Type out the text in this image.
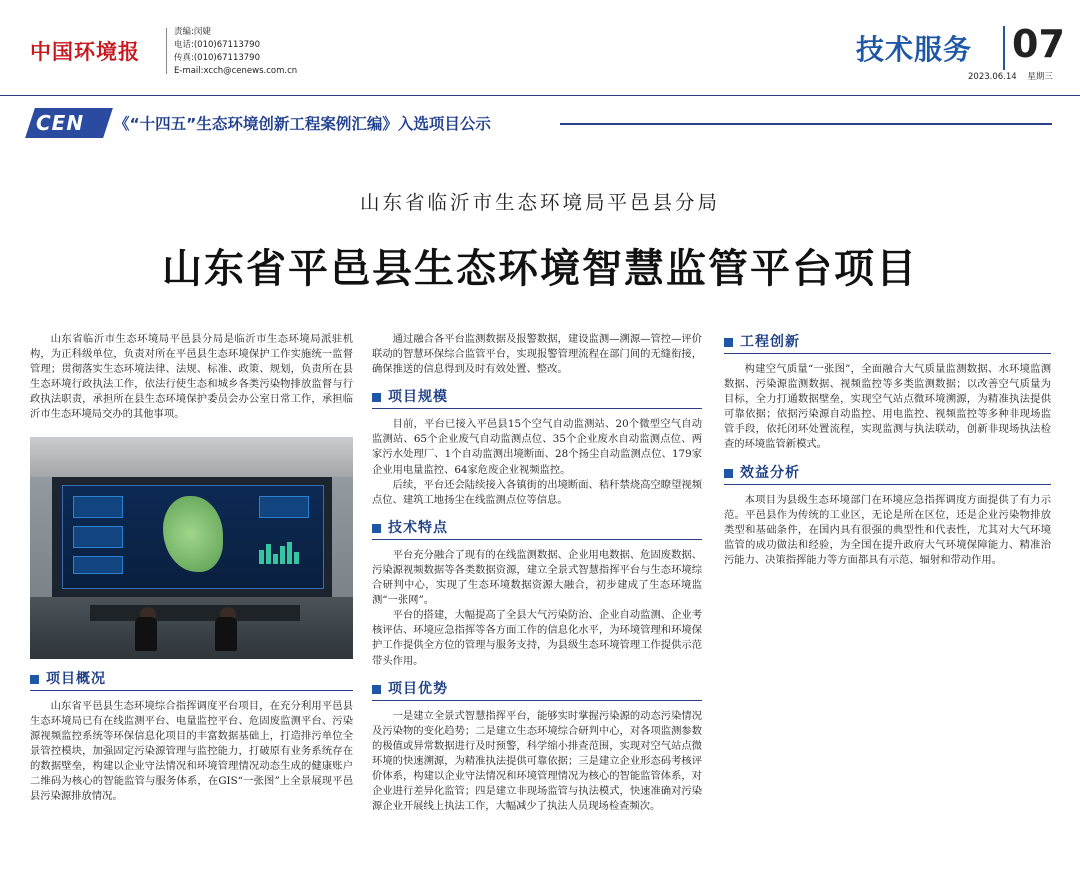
中国环境报
责编:闵婕
电话:(010)67113790
传真:(010)67113790
E-mail:xcch@cenews.com.cn
技术服务 07
2023.06.14 星期三
CEN 《“十四五”生态环境创新工程案例汇编》入选项目公示
山东省临沂市生态环境局平邑县分局
山东省平邑县生态环境智慧监管平台项目

山东省临沂市生态环境局平邑县分局是临沂市生态环境局派驻机构，为正科级单位，负责对所在平邑县生态环境保护工作实施统一监督管理；贯彻落实生态环境法律、法规、标准、政策、规划，负责所在县生态环境行政执法工作，依法行使生态和城乡各类污染物排放监督与行政执法职责，承担所在县生态环境保护委员会办公室日常工作，承担临沂市生态环境局交办的其他事项。

项目概况

山东省平邑县生态环境综合指挥调度平台项目，在充分利用平邑县生态环境局已有在线监测平台、电量监控平台、危固废监测平台、污染源视频监控系统等环保信息化项目的丰富数据基础上，打造排污单位全景管控模块，加强固定污染源管理与监控能力，打破原有业务系统存在的数据壁垒，构建以企业守法情况和环境管理情况动态生成的健康账户二维码为核心的智能监管与服务体系，在GIS“一张图”上全景展现平邑县污染源排放情况。

通过融合各平台监测数据及报警数据，建设监测—溯源—管控—评价联动的智慧环保综合监管平台，实现报警管理流程在部门间的无缝衔接，确保推送的信息得到及时有效处置、整改。

项目规模

目前，平台已接入平邑县15个空气自动监测站、20个微型空气自动监测站、65个企业废气自动监测点位、35个企业废水自动监测点位、两家污水处理厂、1个自动监测出境断面、28个扬尘自动监测点位、179家企业用电量监控、64家危废企业视频监控。

后续，平台还会陆续接入各镇街的出境断面、秸秆禁烧高空瞭望视频点位、建筑工地扬尘在线监测点位等信息。

技术特点

平台充分融合了现有的在线监测数据、企业用电数据、危固废数据、污染源视频数据等各类数据资源，建立全景式智慧指挥平台与生态环境综合研判中心，实现了生态环境数据资源大融合，初步建成了生态环境监测“一张网”。

平台的搭建，大幅提高了全县大气污染防治、企业自动监测、企业考核评估、环境应急指挥等各方面工作的信息化水平，为环境管理和环境保护工作提供全方位的管理与服务支持，为县级生态环境管理工作提供示范带头作用。

项目优势

一是建立全景式智慧指挥平台，能够实时掌握污染源的动态污染情况及污染物的变化趋势；二是建立生态环境综合研判中心，对各项监测参数的极值或异常数据进行及时预警，科学缩小排查范围，实现对空气站点微环境的快速溯源，为精准执法提供可靠依据；三是建立企业形态码考核评价体系，构建以企业守法情况和环境管理情况为核心的智能监管体系，对企业进行差异化监管；四是建立非现场监管与执法模式，快速准确对污染源企业开展线上执法工作，大幅减少了执法人员现场检查频次。

工程创新

构建空气质量“一张图”，全面融合大气质量监测数据、水环境监测数据、污染源监测数据、视频监控等多类监测数据；以改善空气质量为目标，全力打通数据壁垒，实现空气站点微环境溯源，为精准执法提供可靠依据；依据污染源自动监控、用电监控、视频监控等多种非现场监管手段，依托闭环处置流程，实现监测与执法联动，创新非现场执法检查的环境监管新模式。

效益分析

本项目为县级生态环境部门在环境应急指挥调度方面提供了有力示范。平邑县作为传统的工业区，无论是所在区位，还是企业污染物排放类型和基础条件，在国内具有很强的典型性和代表性，尤其对大气环境监管的成功做法和经验，为全国在提升政府大气环境保障能力、精准治污能力、决策指挥能力等方面都具有示范、辐射和带动作用。
